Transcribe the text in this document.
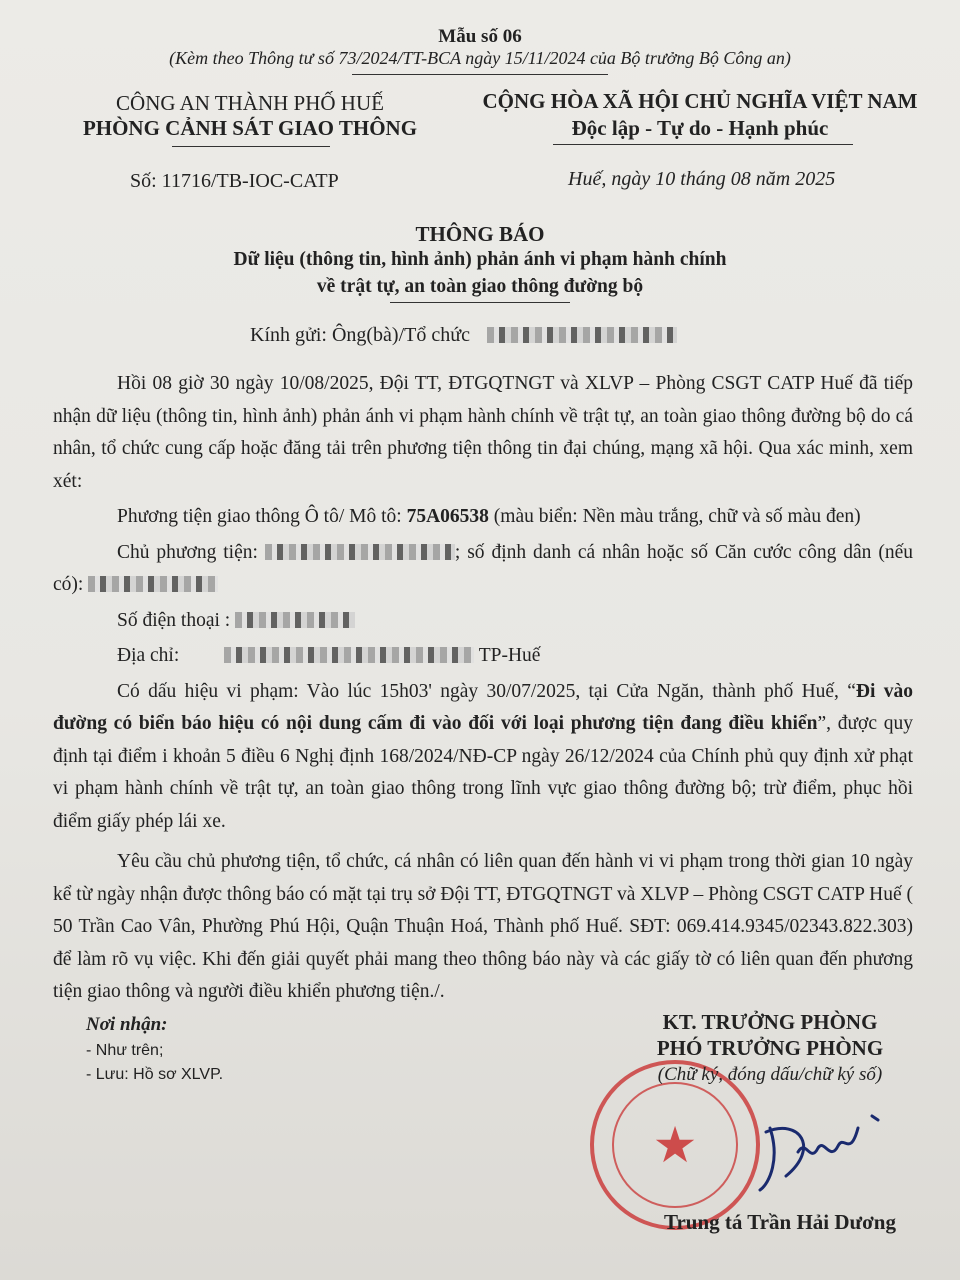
Mẫu số 06
(Kèm theo Thông tư số 73/2024/TT-BCA ngày 15/11/2024 của Bộ trưởng Bộ Công an)
CÔNG AN THÀNH PHỐ HUẾ
PHÒNG CẢNH SÁT GIAO THÔNG
Số: 11716/TB-IOC-CATP
CỘNG HÒA XÃ HỘI CHỦ NGHĨA VIỆT NAM
Độc lập - Tự do - Hạnh phúc
Huế, ngày 10 tháng 08 năm 2025
THÔNG BÁO
Dữ liệu (thông tin, hình ảnh) phản ánh vi phạm hành chính
về trật tự, an toàn giao thông đường bộ
Kính gửi: Ông(bà)/Tổ chức

Hồi 08 giờ 30 ngày 10/08/2025, Đội TT, ĐTGQTNGT và XLVP – Phòng CSGT CATP Huế đã tiếp nhận dữ liệu (thông tin, hình ảnh) phản ánh vi phạm hành chính về trật tự, an toàn giao thông đường bộ do cá nhân, tổ chức cung cấp hoặc đăng tải trên phương tiện thông tin đại chúng, mạng xã hội. Qua xác minh, xem xét:

Phương tiện giao thông Ô tô/ Mô tô: 75A06538 (màu biển: Nền màu trắng, chữ và số màu đen)

Chủ phương tiện:	; số định danh cá nhân hoặc số Căn cước công dân (nếu có):

Số điện thoại :

Địa chỉ:	TP-Huế

Có dấu hiệu vi phạm: Vào lúc 15h03' ngày 30/07/2025, tại Cửa Ngăn, thành phố Huế, “Đi vào đường có biển báo hiệu có nội dung cấm đi vào đối với loại phương tiện đang điều khiển”, được quy định tại điểm i khoản 5 điều 6 Nghị định 168/2024/NĐ-CP ngày 26/12/2024 của Chính phủ quy định xử phạt vi phạm hành chính về trật tự, an toàn giao thông trong lĩnh vực giao thông đường bộ; trừ điểm, phục hồi điểm giấy phép lái xe.

Yêu cầu chủ phương tiện, tổ chức, cá nhân có liên quan đến hành vi vi phạm trong thời gian 10 ngày kể từ ngày nhận được thông báo có mặt tại trụ sở Đội TT, ĐTGQTNGT và XLVP – Phòng CSGT CATP Huế ( 50 Trần Cao Vân, Phường Phú Hội, Quận Thuận Hoá, Thành phố Huế. SĐT: 069.414.9345/02343.822.303) để làm rõ vụ việc. Khi đến giải quyết phải mang theo thông báo này và các giấy tờ có liên quan đến phương tiện giao thông và người điều khiển phương tiện./.

Nơi nhận:
- Như trên;
- Lưu: Hồ sơ XLVP.
★
KT. TRƯỞNG PHÒNG
PHÓ TRƯỞNG PHÒNG
(Chữ ký, đóng dấu/chữ ký số)
Trung tá Trần Hải Dương
